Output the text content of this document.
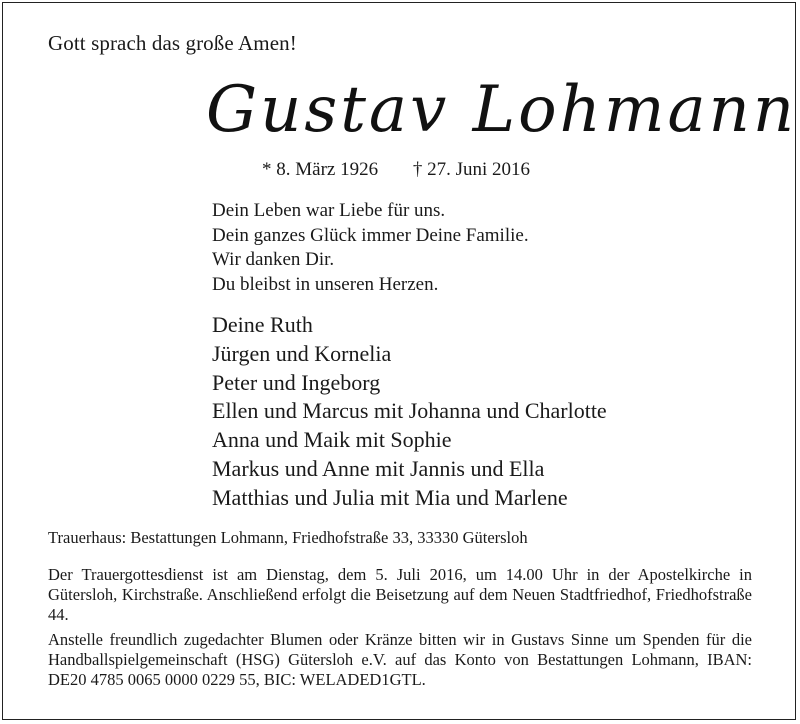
Gott sprach das große Amen!
Gustav Lohmann
* 8. März 1926 † 27. Juni 2016
Dein Leben war Liebe für uns.
Dein ganzes Glück immer Deine Familie.
Wir danken Dir.
Du bleibst in unseren Herzen.
Deine Ruth
Jürgen und Kornelia
Peter und Ingeborg
Ellen und Marcus mit Johanna und Charlotte
Anna und Maik mit Sophie
Markus und Anne mit Jannis und Ella
Matthias und Julia mit Mia und Marlene
Trauerhaus: Bestattungen Lohmann, Friedhofstraße 33, 33330 Gütersloh
Der Trauergottesdienst ist am Dienstag, dem 5. Juli 2016, um 14.00 Uhr in der Apostelkirche in Gütersloh, Kirchstraße. Anschließend erfolgt die Beisetzung auf dem Neuen Stadtfriedhof, Friedhofstraße 44.
Anstelle freundlich zugedachter Blumen oder Kränze bitten wir in Gustavs Sinne um Spenden für die Handballspielgemeinschaft (HSG) Gütersloh e.V. auf das Konto von Bestattungen Lohmann, IBAN: DE20 4785 0065 0000 0229 55, BIC: WELADED1GTL.
